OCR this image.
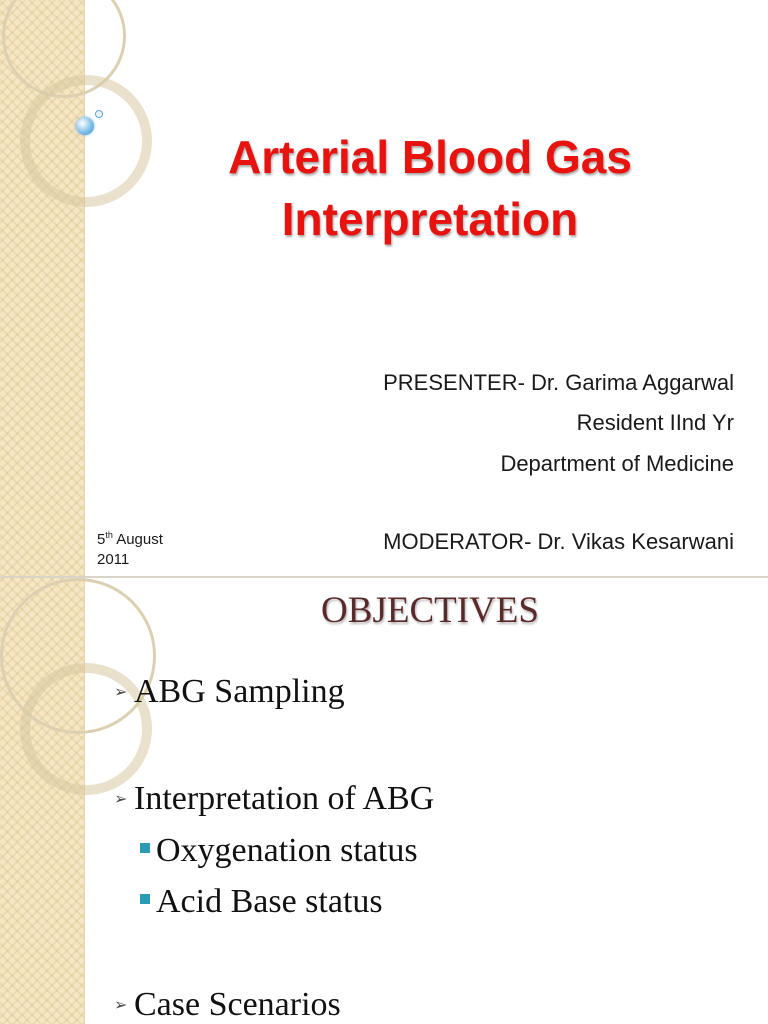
Arterial Blood Gas
Interpretation
PRESENTER- Dr. Garima Aggarwal
Resident IInd Yr
Department of Medicine
MODERATOR- Dr. Vikas Kesarwani
5th August
2011
OBJECTIVES
➢ ABG Sampling
➢ Interpretation of ABG
Oxygenation status
Acid Base status
➢ Case Scenarios
